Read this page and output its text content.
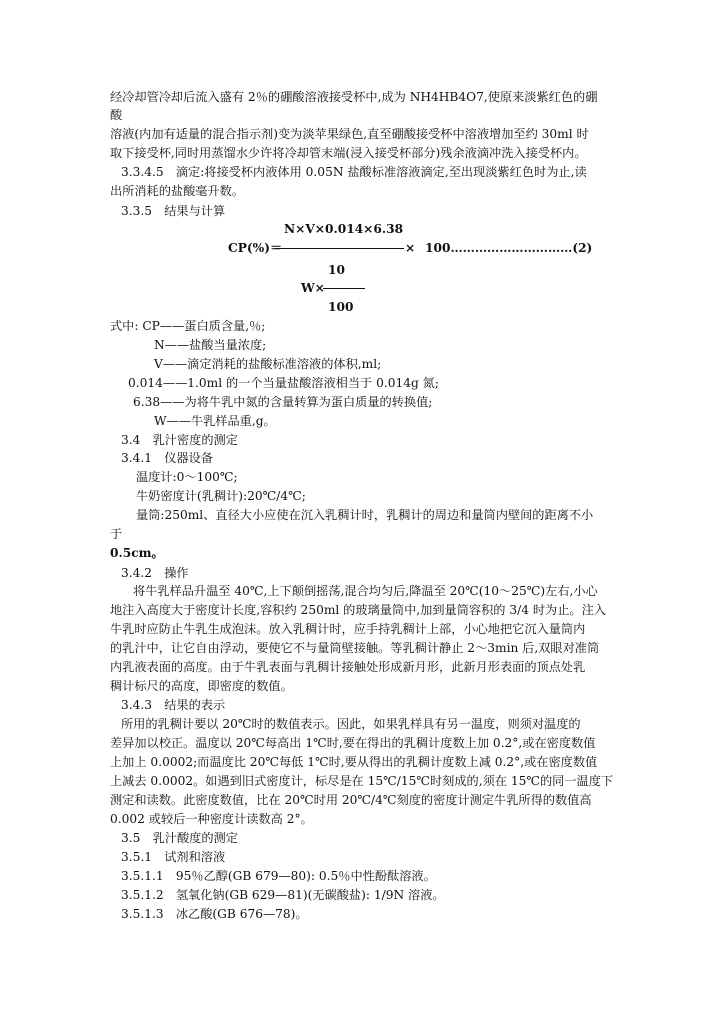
经冷却管冷却后流入盛有 2％的硼酸溶液接受杯中,成为 NH4HB4O7,使原来淡紫红色的硼
酸
溶液(内加有适量的混合指示剂)变为淡苹果绿色,直至硼酸接受杯中溶液增加至约 30ml 时
取下接受杯,同时用蒸馏水少许将冷却管末端(浸入接受杯部分)残余液滴冲洗入接受杯内。
3.3.4.5　滴定:将接受杯内液体用 0.05N 盐酸标准溶液滴定,至出现淡紫红色时为止,读
出所消耗的盐酸毫升数。
3.3.5　结果与计算
N×V×0.014×6.38
CP(%)＝	× 100…………………………(2)
10
W×
100
式中: CP——蛋白质含量,％;
N——盐酸当量浓度;
V——滴定消耗的盐酸标准溶液的体积,ml;
0.014——1.0ml 的一个当量盐酸溶液相当于 0.014g 氮;
6.38——为将牛乳中氮的含量转算为蛋白质量的转换值;
W——牛乳样品重,g。
3.4　乳汁密度的测定
3.4.1　仪器设备
温度计:0～100℃;
牛奶密度计(乳稠计):20℃/4℃;
量筒:250ml、直径大小应使在沉入乳稠计时，乳稠计的周边和量筒内壁间的距离不小
于
0.5cm。
3.4.2　操作
将牛乳样品升温至 40℃,上下颠倒摇荡,混合均匀后,降温至 20℃(10～25℃)左右,小心
地注入高度大于密度计长度,容积约 250ml 的玻璃量筒中,加到量筒容积的 3/4 时为止。注入
牛乳时应防止牛乳生成泡沫。放入乳稠计时，应手持乳稠计上部，小心地把它沉入量筒内
的乳汁中，让它自由浮动，要使它不与量筒壁接触。等乳稠计静止 2～3min 后,双眼对准筒
内乳液表面的高度。由于牛乳表面与乳稠计接触处形成新月形，此新月形表面的顶点处乳
稠计标尺的高度，即密度的数值。
3.4.3　结果的表示
所用的乳稠计要以 20℃时的数值表示。因此，如果乳样具有另一温度，则须对温度的
差异加以校正。温度以 20℃每高出 1℃时,要在得出的乳稠计度数上加 0.2°,或在密度数值
上加上 0.0002;而温度比 20℃每低 1℃时,要从得出的乳稠计度数上减 0.2°,或在密度数值
上减去 0.0002。如遇到旧式密度计，标尽是在 15℃/15℃时刻成的,须在 15℃的同一温度下
测定和读数。此密度数值，比在 20℃时用 20℃/4℃刻度的密度计测定牛乳所得的数值高
0.002 或较后一种密度计读数高 2°。
3.5　乳汁酸度的测定
3.5.1　试剂和溶液
3.5.1.1　95％乙醇(GB 679—80): 0.5％中性酚酞溶液。
3.5.1.2　氢氧化钠(GB 629—81)(无碳酸盐): 1/9N 溶液。
3.5.1.3　冰乙酸(GB 676—78)。
